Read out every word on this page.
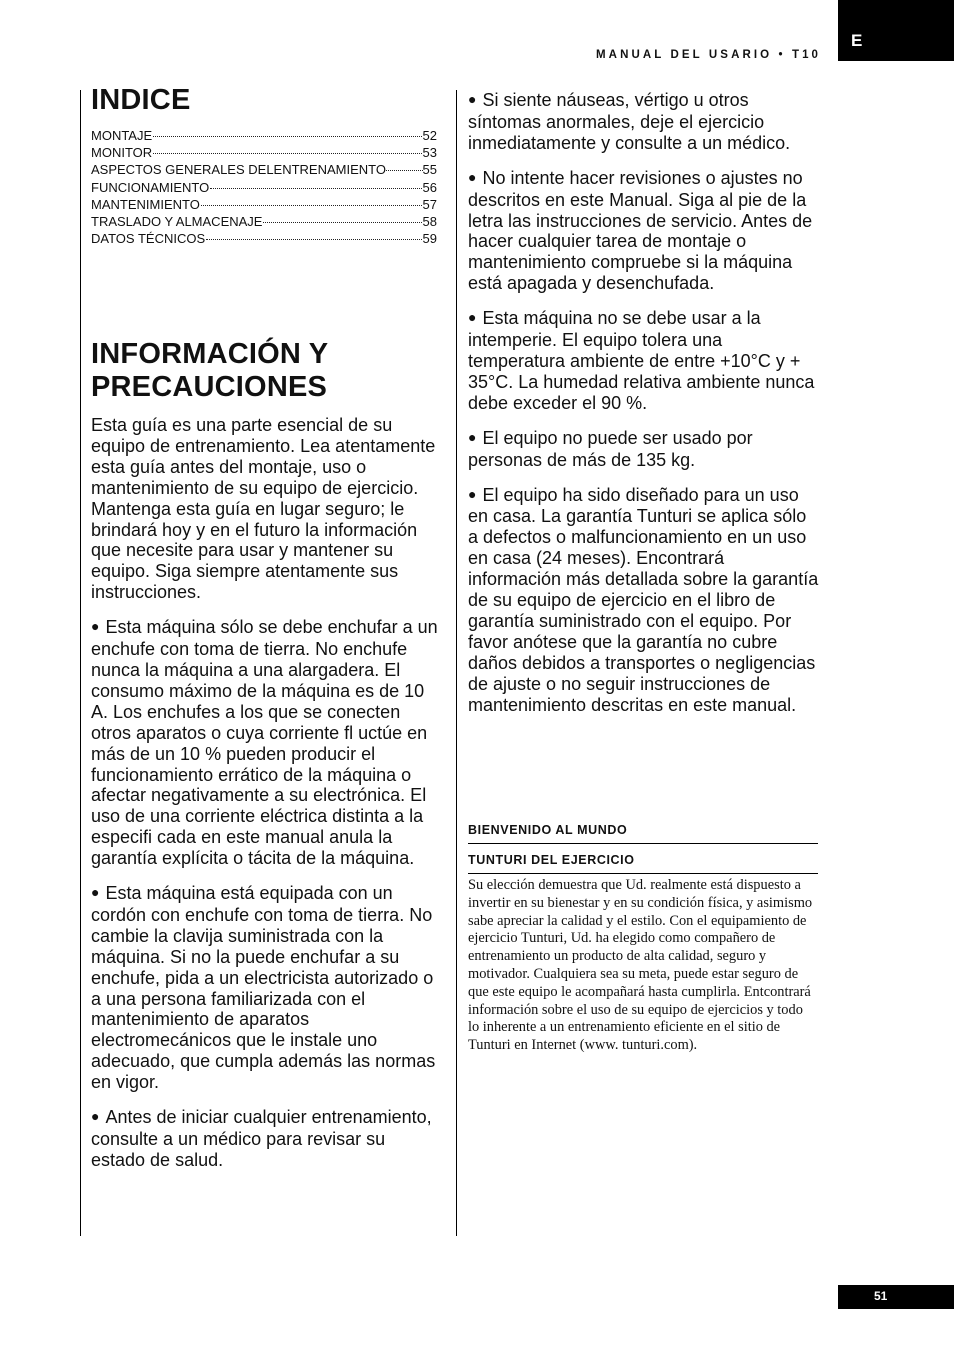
MANUAL DEL USARIO • T10
E
INDICE
MONTAJE	52
MONITOR	53
ASPECTOS GENERALES DELENTRENAMIENTO	55
FUNCIONAMIENTO	56
MANTENIMIENTO	57
TRASLADO Y ALMACENAJE	58
DATOS TÉCNICOS	59
INFORMACIÓN Y
PRECAUCIONES

Esta guía es una parte esencial de su equipo de entrenamiento. Lea atentamente esta guía antes del montaje, uso o mantenimiento de su equipo de ejercicio. Mantenga esta guía en lugar seguro; le brindará hoy y en el futuro la información que necesite para usar y mantener su equipo. Siga siempre atentamente sus instrucciones.

● Esta máquina sólo se debe enchufar a un enchufe con toma de tierra. No enchufe nunca la máquina a una alargadera. El consumo máximo de la máquina es de 10 A. Los enchufes a los que se conecten otros aparatos o cuya corriente fl uctúe en más de un 10 % pueden producir el funcionamiento errático de la máquina o afectar negativamente a su electrónica. El uso de una corriente eléctrica distinta a la especifi cada en este manual anula la garantía explícita o tácita de la máquina.

● Esta máquina está equipada con un cordón con enchufe con toma de tierra. No cambie la clavija suministrada con la máquina. Si no la puede enchufar a su enchufe, pida a un electricista autorizado o a una persona familiarizada con el mantenimiento de aparatos electromecánicos que le instale uno adecuado, que cumpla además las normas en vigor.

● Antes de iniciar cualquier entrenamiento, consulte a un médico para revisar su estado de salud.

● Si siente náuseas, vértigo u otros síntomas anormales, deje el ejercicio inmediatamente y consulte a un médico.

● No intente hacer revisiones o ajustes no descritos en este Manual. Siga al pie de la letra las instrucciones de servicio. Antes de hacer cualquier tarea de montaje o mantenimiento compruebe si la máquina está apagada y desenchufada.

● Esta máquina no se debe usar a la intemperie. El equipo tolera una temperatura ambiente de entre +10°C y + 35°C. La humedad relativa ambiente nunca debe exceder el 90 %.

● El equipo no puede ser usado por personas de más de 135 kg.

● El equipo ha sido diseñado para un uso en casa. La garantía Tunturi se aplica sólo a defectos o malfuncionamiento en un uso en casa (24 meses). Encontrará información más detallada sobre la garantía de su equipo de ejercicio en el libro de garantía suministrado con el equipo. Por favor anótese que la garantía no cubre daños debidos a transportes o negligencias de ajuste o no seguir instrucciones de mantenimiento descritas en este manual.

BIENVENIDO AL MUNDO
TUNTURI DEL EJERCICIO

Su elección demuestra que Ud. realmente está dispuesto a invertir en su bienestar y en su condición física, y asimismo sabe apreciar la calidad y el estilo. Con el equipamiento de ejercicio Tunturi, Ud. ha elegido como compañero de entrenamiento un producto de alta calidad, seguro y motivador. Cualquiera sea su meta, puede estar seguro de que este equipo le acompañará hasta cumplirla. Entcontrará información sobre el uso de su equipo de ejercicios y todo lo inherente a un entrenamiento eficiente en el sitio de Tunturi en Internet (www. tunturi.com).

51
